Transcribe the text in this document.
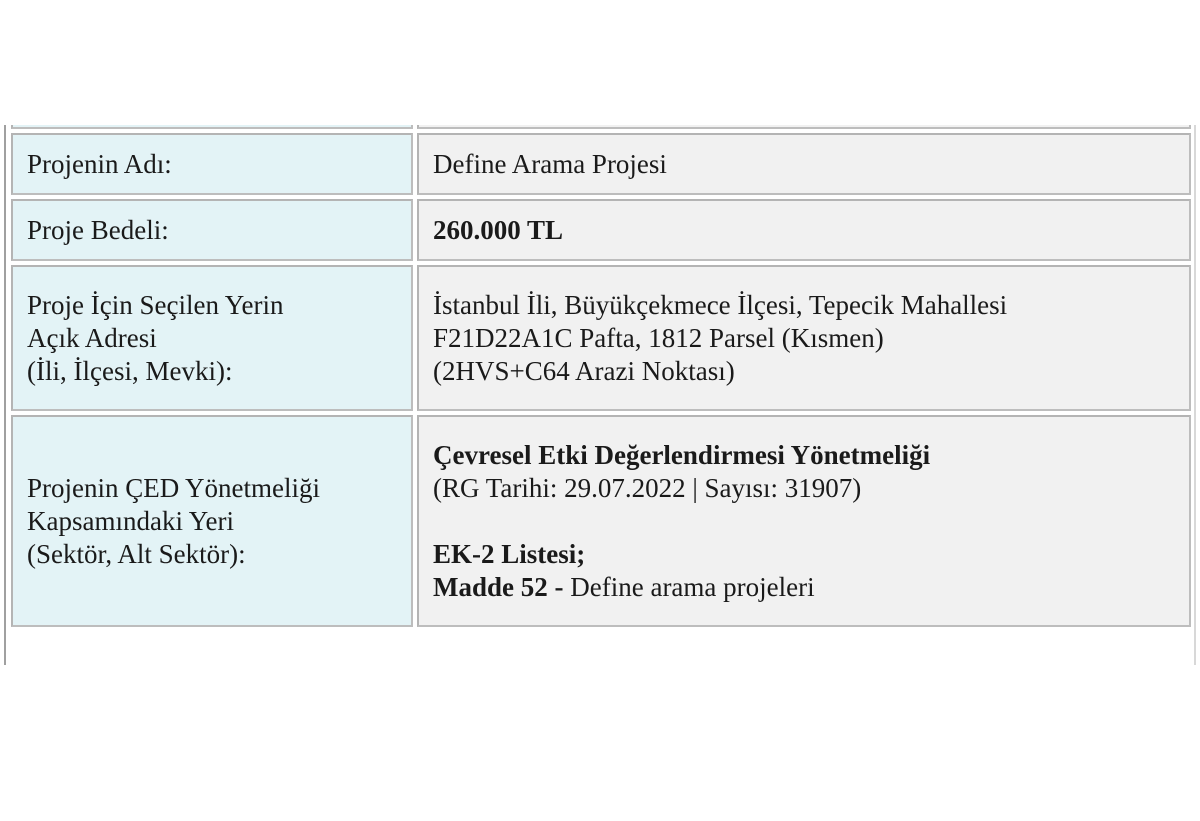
Projenin Adı:	Define Arama Projesi

Proje Bedeli:	260.000 TL

Proje İçin Seçilen Yerin
Açık Adresi
(İli, İlçesi, Mevki):	İstanbul İli, Büyükçekmece İlçesi, Tepecik Mahallesi
F21D22A1C Pafta, 1812 Parsel (Kısmen)
(2HVS+C64 Arazi Noktası)

Projenin ÇED Yönetmeliği
Kapsamındaki Yeri
(Sektör, Alt Sektör):	Çevresel Etki Değerlendirmesi Yönetmeliği
(RG Tarihi: 29.07.2022 | Sayısı: 31907)
EK-2 Listesi;
Madde 52 - Define arama projeleri
